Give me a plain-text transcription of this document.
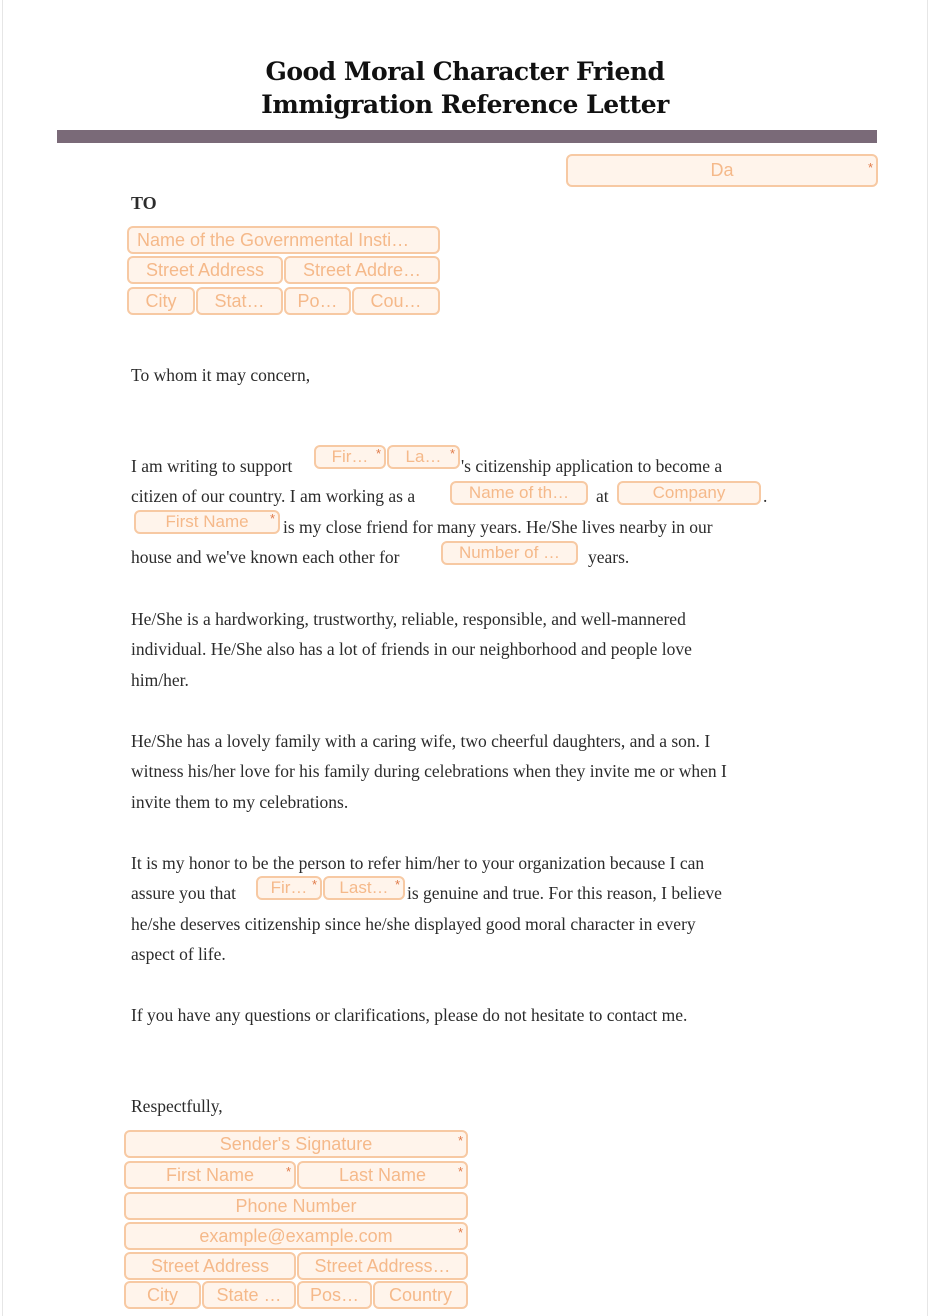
Good Moral Character Friend
Immigration Reference Letter
Da *
TO
Name of the Governmental Insti…
Street Address	Street Addre…
City	Stat…	Po…	Cou…
To whom it may concern,
I am writing to support	Fir… *	La… *	's citizenship application to become a
citizen of our country. I am working as a	Name of th…	at	Company	.
First Name *	is my close friend for many years. He/She lives nearby in our
house and we've known each other for	Number of …	years.
He/She is a hardworking, trustworthy, reliable, responsible, and well-mannered
individual. He/She also has a lot of friends in our neighborhood and people love
him/her.
He/She has a lovely family with a caring wife, two cheerful daughters, and a son. I
witness his/her love for his family during celebrations when they invite me or when I
invite them to my celebrations.
It is my honor to be the person to refer him/her to your organization because I can
assure you that	Fir… *	Last… *	is genuine and true. For this reason, I believe
he/she deserves citizenship since he/she displayed good moral character in every
aspect of life.
If you have any questions or clarifications, please do not hesitate to contact me.
Respectfully,
Sender's Signature *
First Name *	Last Name *
Phone Number
example@example.com *
Street Address	Street Address…
City	State …	Pos…	Country
